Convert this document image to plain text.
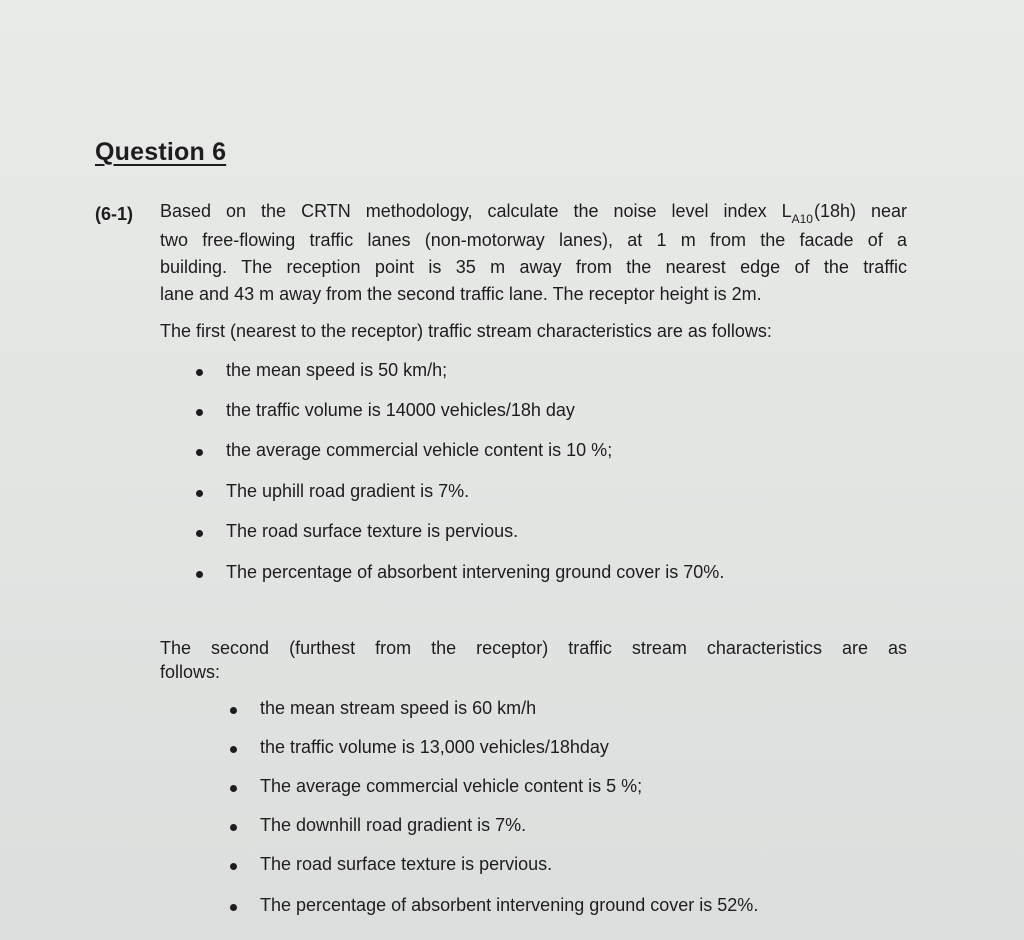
Question 6
(6-1) Based on the CRTN methodology, calculate the noise level index $L_{A10}(18h)$ near
two free-flowing traffic lanes (non-motorway lanes), at 1 m from the facade of a
building. The reception point is 35 m away from the nearest edge of the traffic
lane and 43 m away from the second traffic lane. The receptor height is 2m.
The first (nearest to the receptor) traffic stream characteristics are as follows:
the mean speed is 50 km/h;
the traffic volume is 14000 vehicles/18h day
the average commercial vehicle content is 10 %;
The uphill road gradient is 7%.
The road surface texture is pervious.
The percentage of absorbent intervening ground cover is 70%.
The second (furthest from the receptor) traffic stream characteristics are as
follows:
the mean stream speed is 60 km/h
the traffic volume is 13,000 vehicles/18hday
The average commercial vehicle content is 5 %;
The downhill road gradient is 7%.
The road surface texture is pervious.
The percentage of absorbent intervening ground cover is 52%.
